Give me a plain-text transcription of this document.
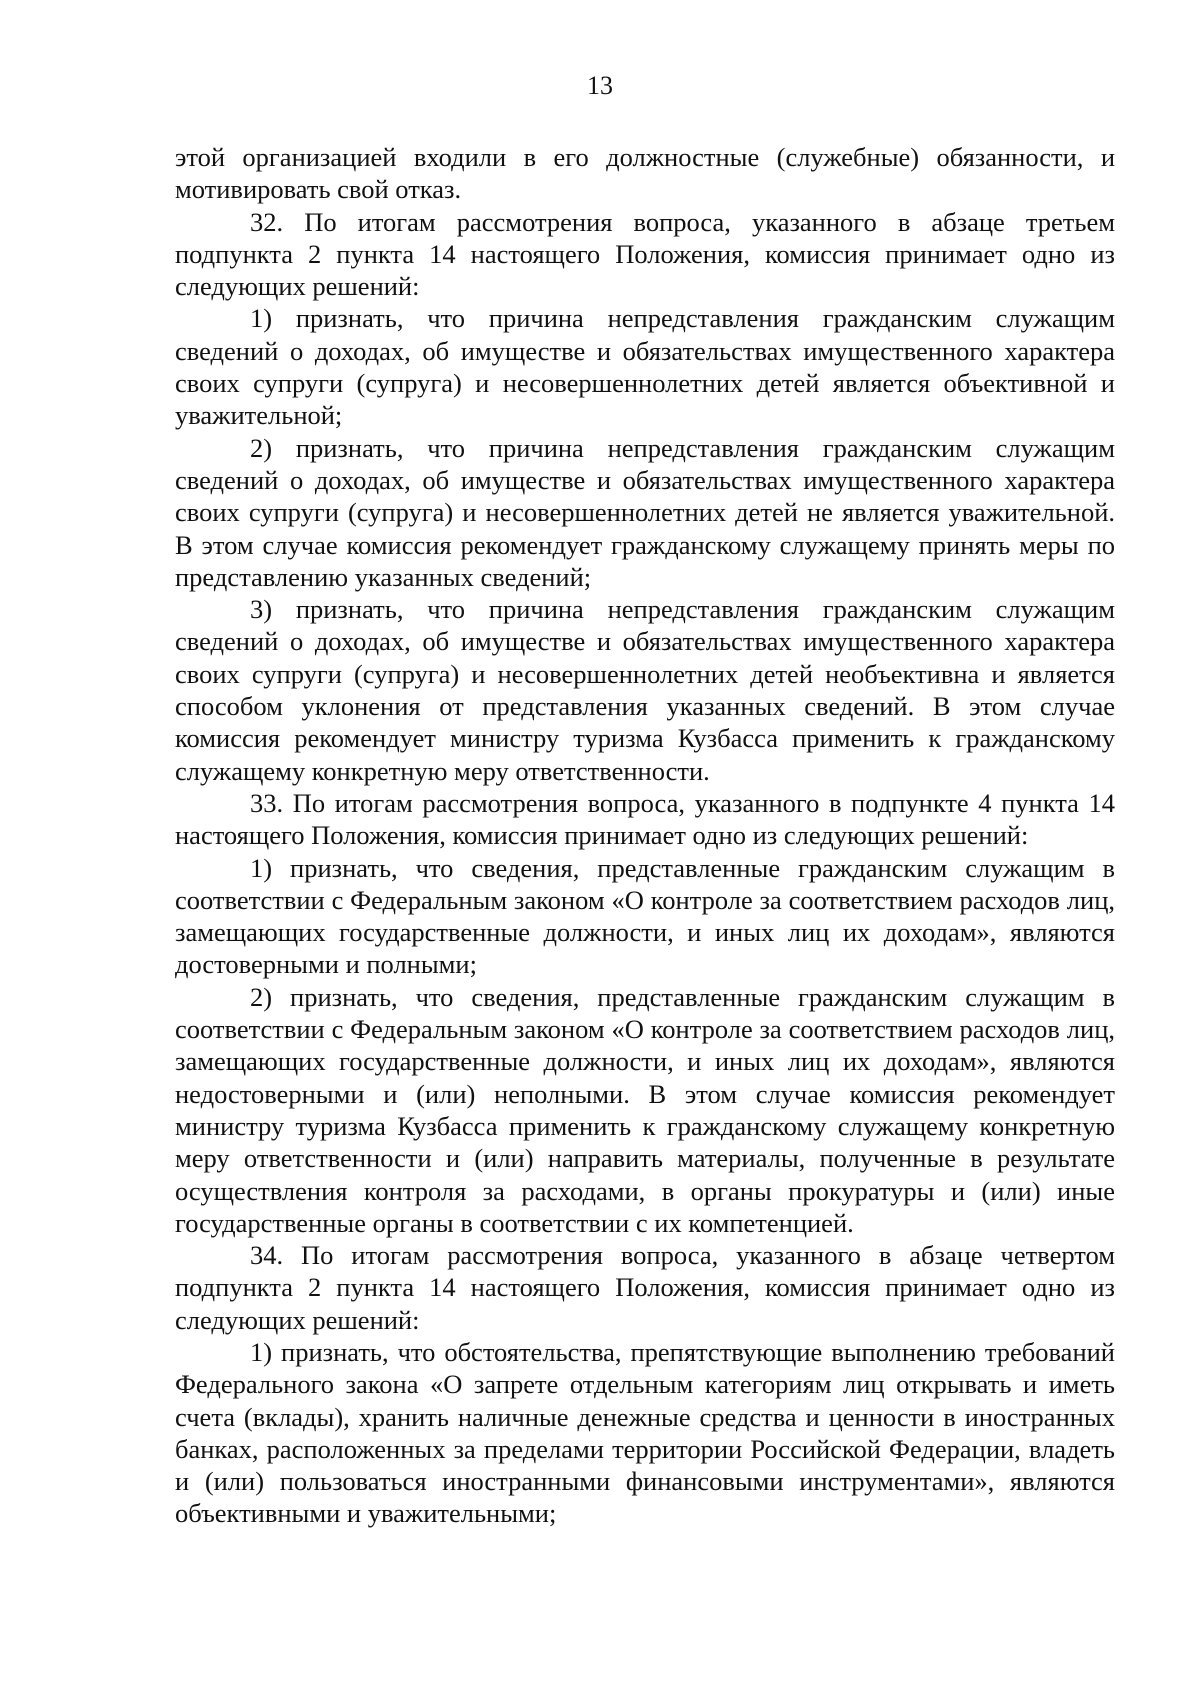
13

этой организацией входили в его должностные (служебные) обязанности, и мотивировать свой отказ.

32. По итогам рассмотрения вопроса, указанного в абзаце третьем подпункта 2 пункта 14 настоящего Положения, комиссия принимает одно из следующих решений:

1) признать, что причина непредставления гражданским служащим сведений о доходах, об имуществе и обязательствах имущественного характера своих супруги (супруга) и несовершеннолетних детей является объективной и уважительной;

2) признать, что причина непредставления гражданским служащим сведений о доходах, об имуществе и обязательствах имущественного характера своих супруги (супруга) и несовершеннолетних детей не является уважительной. В этом случае комиссия рекомендует гражданскому служащему принять меры по представлению указанных сведений;

3) признать, что причина непредставления гражданским служащим сведений о доходах, об имуществе и обязательствах имущественного характера своих супруги (супруга) и несовершеннолетних детей необъективна и является способом уклонения от представления указанных сведений. В этом случае комиссия рекомендует министру туризма Кузбасса применить к гражданскому служащему конкретную меру ответственности.

33. По итогам рассмотрения вопроса, указанного в подпункте 4 пункта 14 настоящего Положения, комиссия принимает одно из следующих решений:

1) признать, что сведения, представленные гражданским служащим в соответствии с Федеральным законом «О контроле за соответствием расходов лиц, замещающих государственные должности, и иных лиц их доходам», являются достоверными и полными;

2) признать, что сведения, представленные гражданским служащим в соответствии с Федеральным законом «О контроле за соответствием расходов лиц, замещающих государственные должности, и иных лиц их доходам», являются недостоверными и (или) неполными. В этом случае комиссия рекомендует министру туризма Кузбасса применить к гражданскому служащему конкретную меру ответственности и (или) направить материалы, полученные в результате осуществления контроля за расходами, в органы прокуратуры и (или) иные государственные органы в соответствии с их компетенцией.

34. По итогам рассмотрения вопроса, указанного в абзаце четвертом подпункта 2 пункта 14 настоящего Положения, комиссия принимает одно из следующих решений:

1) признать, что обстоятельства, препятствующие выполнению требований Федерального закона «О запрете отдельным категориям лиц открывать и иметь счета (вклады), хранить наличные денежные средства и ценности в иностранных банках, расположенных за пределами территории Российской Федерации, владеть и (или) пользоваться иностранными финансовыми инструментами», являются объективными и уважительными;
